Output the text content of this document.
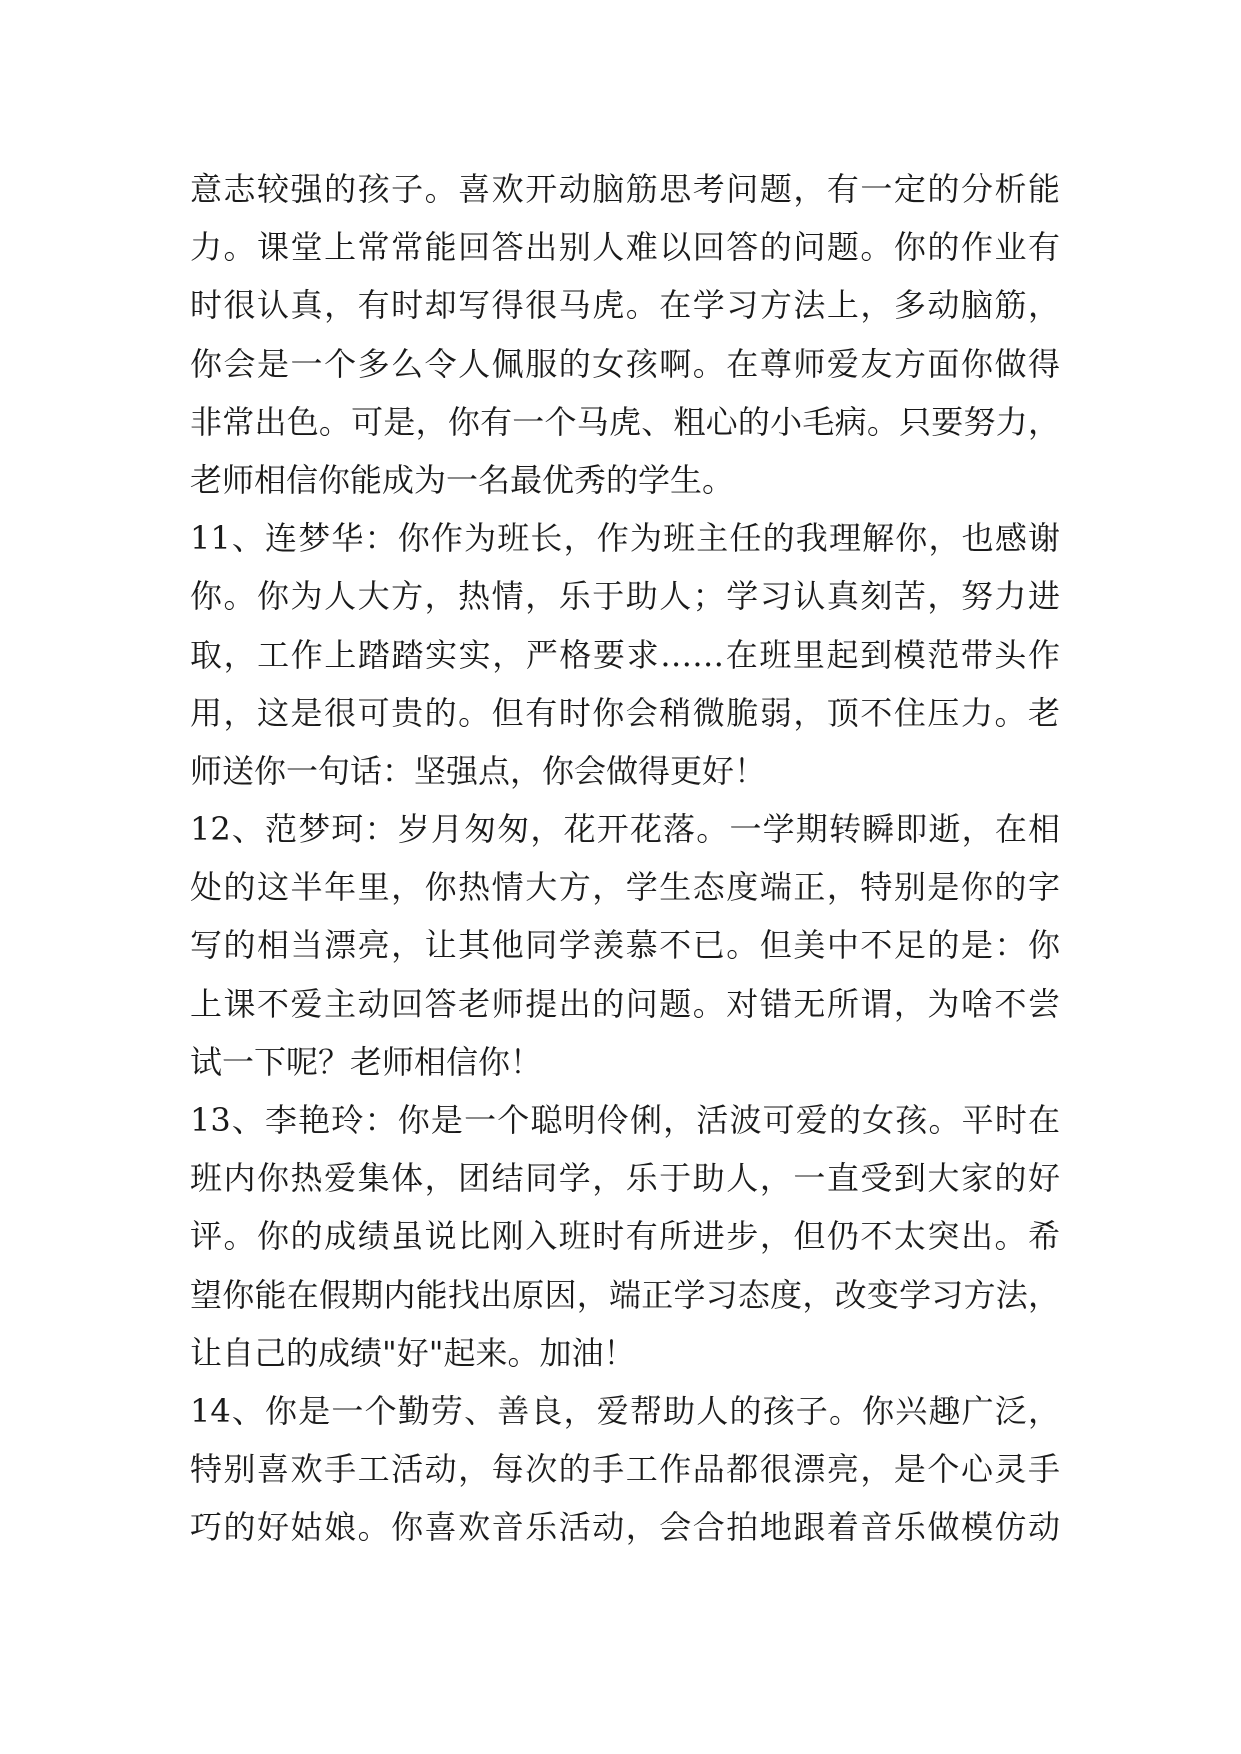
意志较强的孩子。喜欢开动脑筋思考问题，有一定的分析能
力。课堂上常常能回答出别人难以回答的问题。你的作业有
时很认真，有时却写得很马虎。在学习方法上，多动脑筋，
你会是一个多么令人佩服的女孩啊。在尊师爱友方面你做得
非常出色。可是，你有一个马虎、粗心的小毛病。只要努力，
老师相信你能成为一名最优秀的学生。
11、连梦华：你作为班长，作为班主任的我理解你，也感谢
你。你为人大方，热情，乐于助人；学习认真刻苦，努力进
取，工作上踏踏实实，严格要求……在班里起到模范带头作
用，这是很可贵的。但有时你会稍微脆弱，顶不住压力。老
师送你一句话：坚强点，你会做得更好！
12、范梦珂：岁月匆匆，花开花落。一学期转瞬即逝，在相
处的这半年里，你热情大方，学生态度端正，特别是你的字
写的相当漂亮，让其他同学羡慕不已。但美中不足的是：你
上课不爱主动回答老师提出的问题。对错无所谓，为啥不尝
试一下呢？老师相信你！
13、李艳玲：你是一个聪明伶俐，活波可爱的女孩。平时在
班内你热爱集体，团结同学，乐于助人，一直受到大家的好
评。你的成绩虽说比刚入班时有所进步，但仍不太突出。希
望你能在假期内能找出原因，端正学习态度，改变学习方法，
让自己的成绩"好"起来。加油！
14、你是一个勤劳、善良，爱帮助人的孩子。你兴趣广泛，
特别喜欢手工活动，每次的手工作品都很漂亮，是个心灵手
巧的好姑娘。你喜欢音乐活动，会合拍地跟着音乐做模仿动
